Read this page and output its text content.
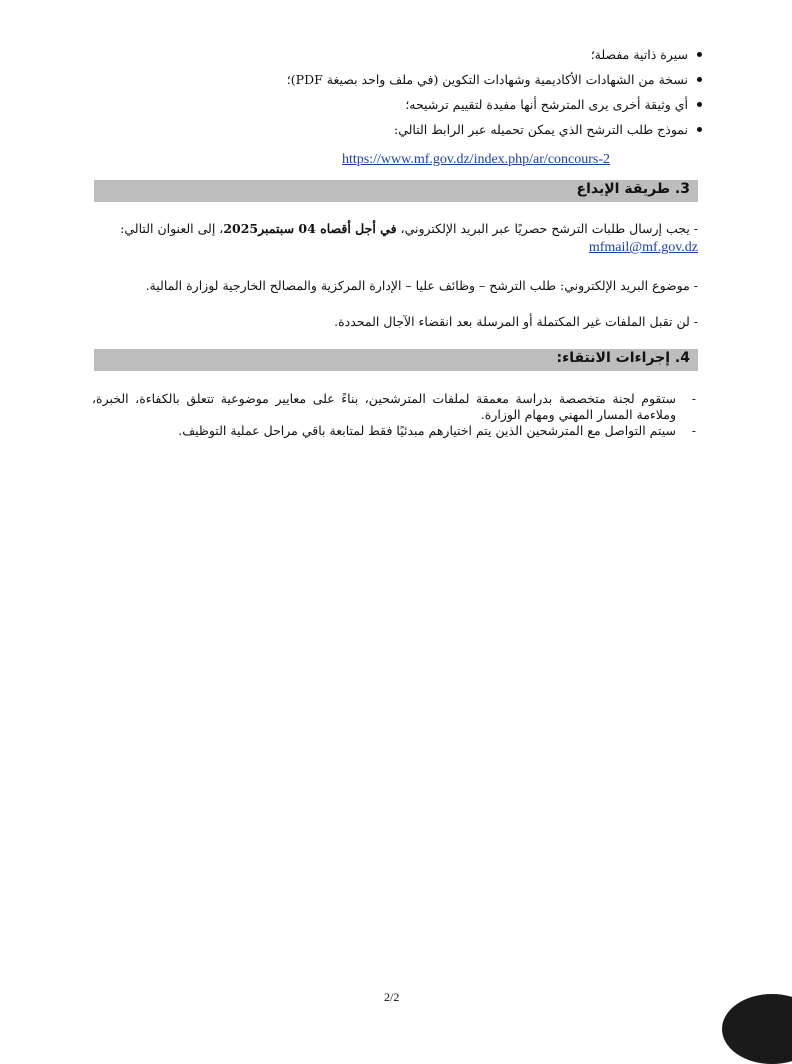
سيرة ذاتية مفصلة؛
نسخة من الشهادات الأكاديمية وشهادات التكوين (في ملف واحد بصيغة PDF)؛
أي وثيقة أخرى يرى المترشح أنها مفيدة لتقييم ترشيحه؛
نموذج طلب الترشح الذي يمكن تحميله عبر الرابط التالي:
https://www.mf.gov.dz/index.php/ar/concours-2
3. طريقة الإيداع
- يجب إرسال طلبات الترشح حصريًا عبر البريد الإلكتروني، في أجل أقصاه 04 سبتمبر2025، إلى العنوان التالي:
mfmail@mf.gov.dz
- موضوع البريد الإلكتروني: طلب الترشح – وظائف عليا – الإدارة المركزية والمصالح الخارجية لوزارة المالية.
- لن تقبل الملفات غير المكتملة أو المرسلة بعد انقضاء الآجال المحددة.
4. إجراءات الانتقاء:
-
ستقوم لجنة متخصصة بدراسة معمقة لملفات المترشحين، بناءً على معايير موضوعية تتعلق بالكفاءة، الخبرة، وملاءمة المسار المهني ومهام الوزارة.
-
سيتم التواصل مع المترشحين الذين يتم اختيارهم مبدئيًا فقط لمتابعة باقي مراحل عملية التوظيف.
2/2
